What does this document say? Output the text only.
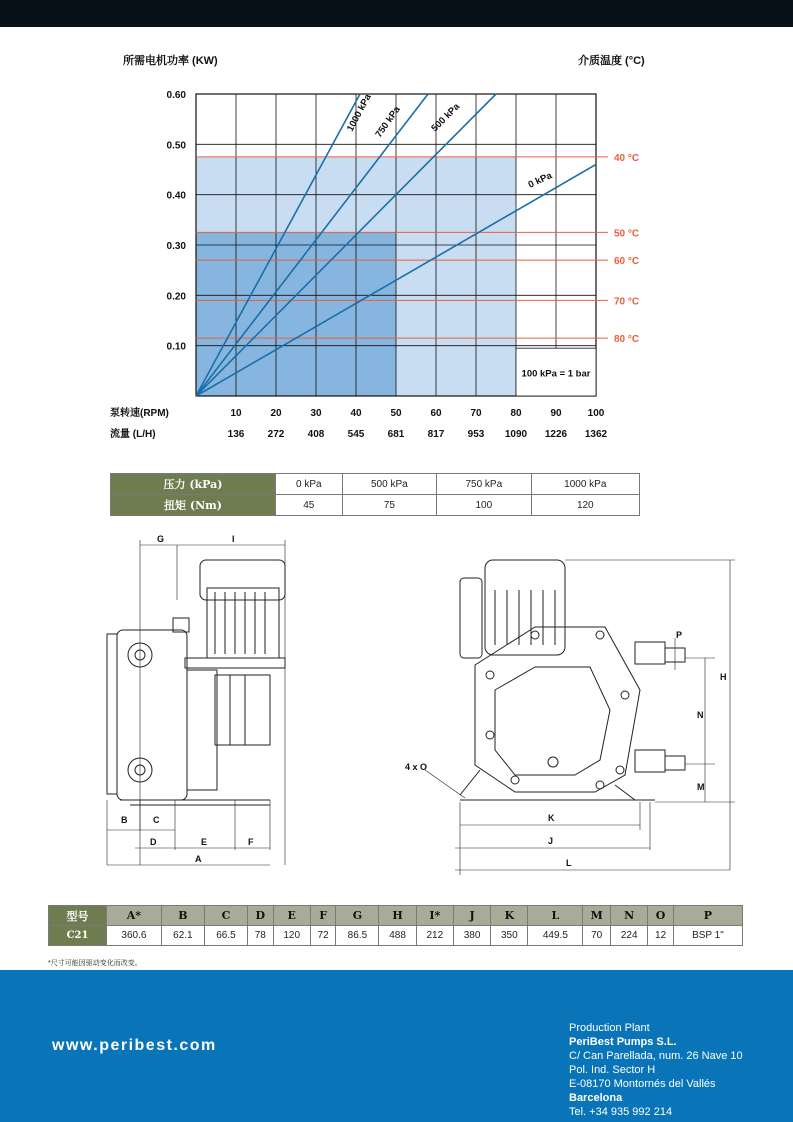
所需电机功率 (KW)	介质温度 (°C)
40 °C
50 °C
60 °C
70 °C
80 °C
1000 kPa 750 kPa	500 kPa
0 kPa
0.60
0.50
0.40
0.30
0.20
0.10
10	20	30	40	50	60	70	80	90	100
136 272 408 545 681 817 953 1090 1226 1362
泵转速(RPM)
流量 (L/H)
100 kPa = 1 bar
压力 (kPa)	0 kPa	500 kPa	750 kPa	1000 kPa
扭矩 (Nm)	45	75	100	120
G	I
B	C
D	E	F
A
P
H
N
M
K
J
L
4 x O
型号	A*	B	C	D	E	F	G	H	I*	J	K	L	M	N	O	P
C21	360.6	62.1	66.5	78	120	72	86.5	488	212	380	350	449.5	70	224	12	BSP 1"
*尺寸可能因驱动变化而改变。
www.peribest.com
Production Plant
PeriBest Pumps S.L.
C/ Can Parellada, num. 26 Nave 10
Pol. Ind. Sector H
E-08170 Montornés del Vallés
Barcelona
Tel. +34 935 992 214
